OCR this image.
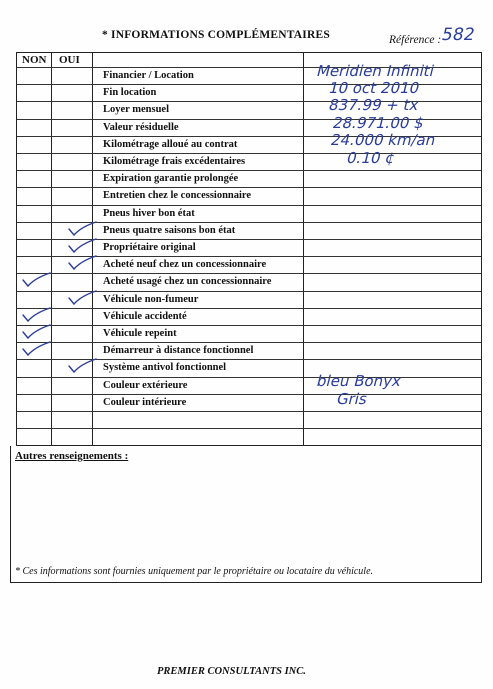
* INFORMATIONS COMPLÉMENTAIRES	Référence :
582
NON OUI
Financier / Location	Meridien Infiniti
Fin location	10 oct 2010
Loyer mensuel	837.99 + tx
Valeur résiduelle	28.971.00 $
Kilométrage alloué au contrat	24.000 km/an
Kilométrage frais excédentaires	0.10 ¢
Expiration garantie prolongée
Entretien chez le concessionnaire
Pneus hiver bon état
Pneus quatre saisons bon état
Propriétaire original
Acheté neuf chez un concessionnaire
Acheté usagé chez un concessionnaire
Véhicule non-fumeur
Véhicule accidenté
Véhicule repeint
Démarreur à distance fonctionnel
Système antivol fonctionnel
Couleur extérieure	bleu Bonyx
Couleur intérieure	Gris
Autres renseignements :
* Ces informations sont fournies uniquement par le propriétaire ou locataire du véhicule.
PREMIER CONSULTANTS INC.
